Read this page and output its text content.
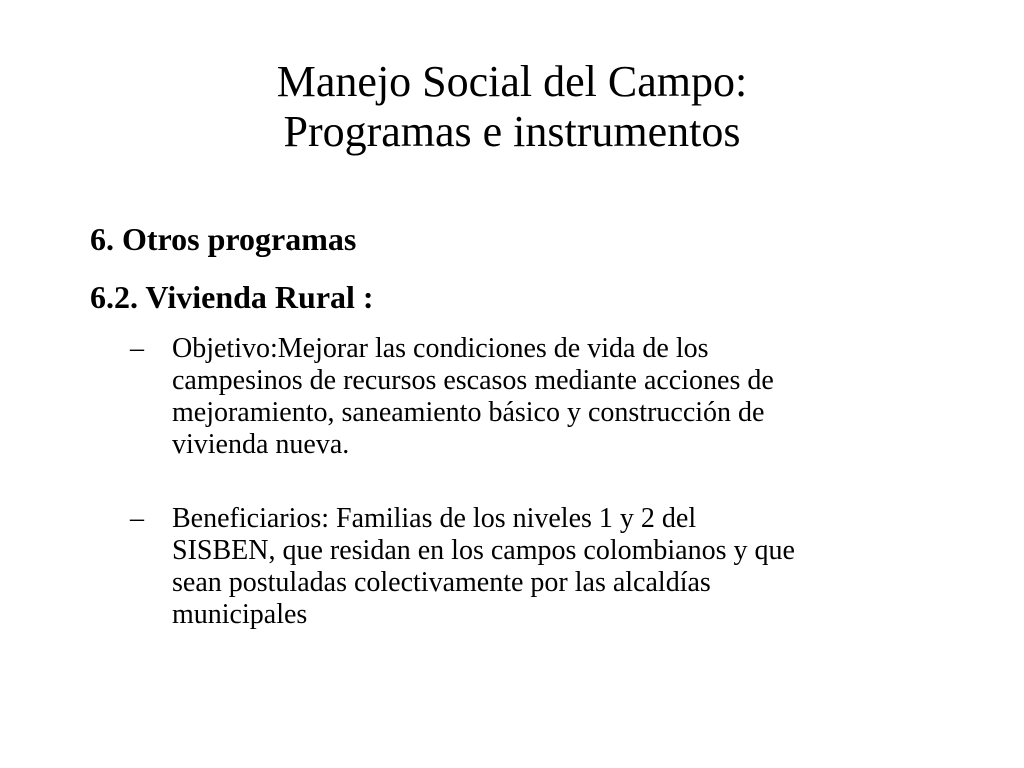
Manejo Social del Campo:
Programas e instrumentos
6. Otros programas
6.2. Vivienda Rural :
– Objetivo:Mejorar las condiciones de vida de los
campesinos de recursos escasos mediante acciones de
mejoramiento, saneamiento básico y construcción de
vivienda nueva.
– Beneficiarios: Familias de los niveles 1 y 2 del
SISBEN, que residan en los campos colombianos y que
sean postuladas colectivamente por las alcaldías
municipales
